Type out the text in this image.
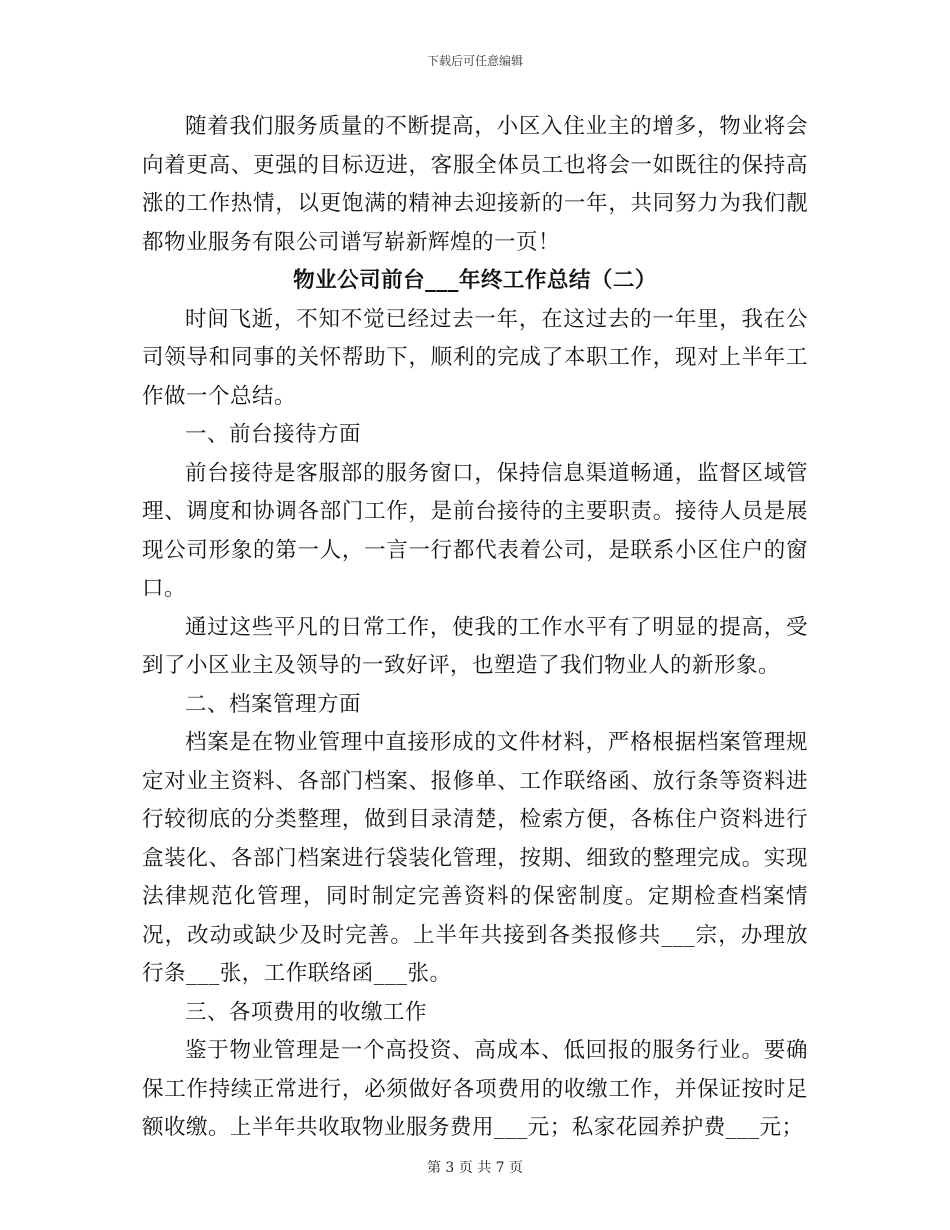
下载后可任意编辑

随着我们服务质量的不断提高，小区入住业主的增多，物业将会向着更高、更强的目标迈进，客服全体员工也将会一如既往的保持高涨的工作热情，以更饱满的精神去迎接新的一年，共同努力为我们靓都物业服务有限公司谱写崭新辉煌的一页！

物业公司前台___年终工作总结（二）

时间飞逝，不知不觉已经过去一年，在这过去的一年里，我在公司领导和同事的关怀帮助下，顺利的完成了本职工作，现对上半年工作做一个总结。

一、前台接待方面

前台接待是客服部的服务窗口，保持信息渠道畅通，监督区域管理、调度和协调各部门工作，是前台接待的主要职责。接待人员是展现公司形象的第一人，一言一行都代表着公司，是联系小区住户的窗口。

通过这些平凡的日常工作，使我的工作水平有了明显的提高，受到了小区业主及领导的一致好评，也塑造了我们物业人的新形象。

二、档案管理方面

档案是在物业管理中直接形成的文件材料，严格根据档案管理规定对业主资料、各部门档案、报修单、工作联络函、放行条等资料进行较彻底的分类整理，做到目录清楚，检索方便，各栋住户资料进行盒装化、各部门档案进行袋装化管理，按期、细致的整理完成。实现法律规范化管理，同时制定完善资料的保密制度。定期检查档案情况，改动或缺少及时完善。上半年共接到各类报修共___宗，办理放行条___张，工作联络函___张。

三、各项费用的收缴工作

鉴于物业管理是一个高投资、高成本、低回报的服务行业。要确保工作持续正常进行，必须做好各项费用的收缴工作，并保证按时足额收缴。上半年共收取物业服务费用___元；私家花园养护费___元；

第 3 页 共 7 页
